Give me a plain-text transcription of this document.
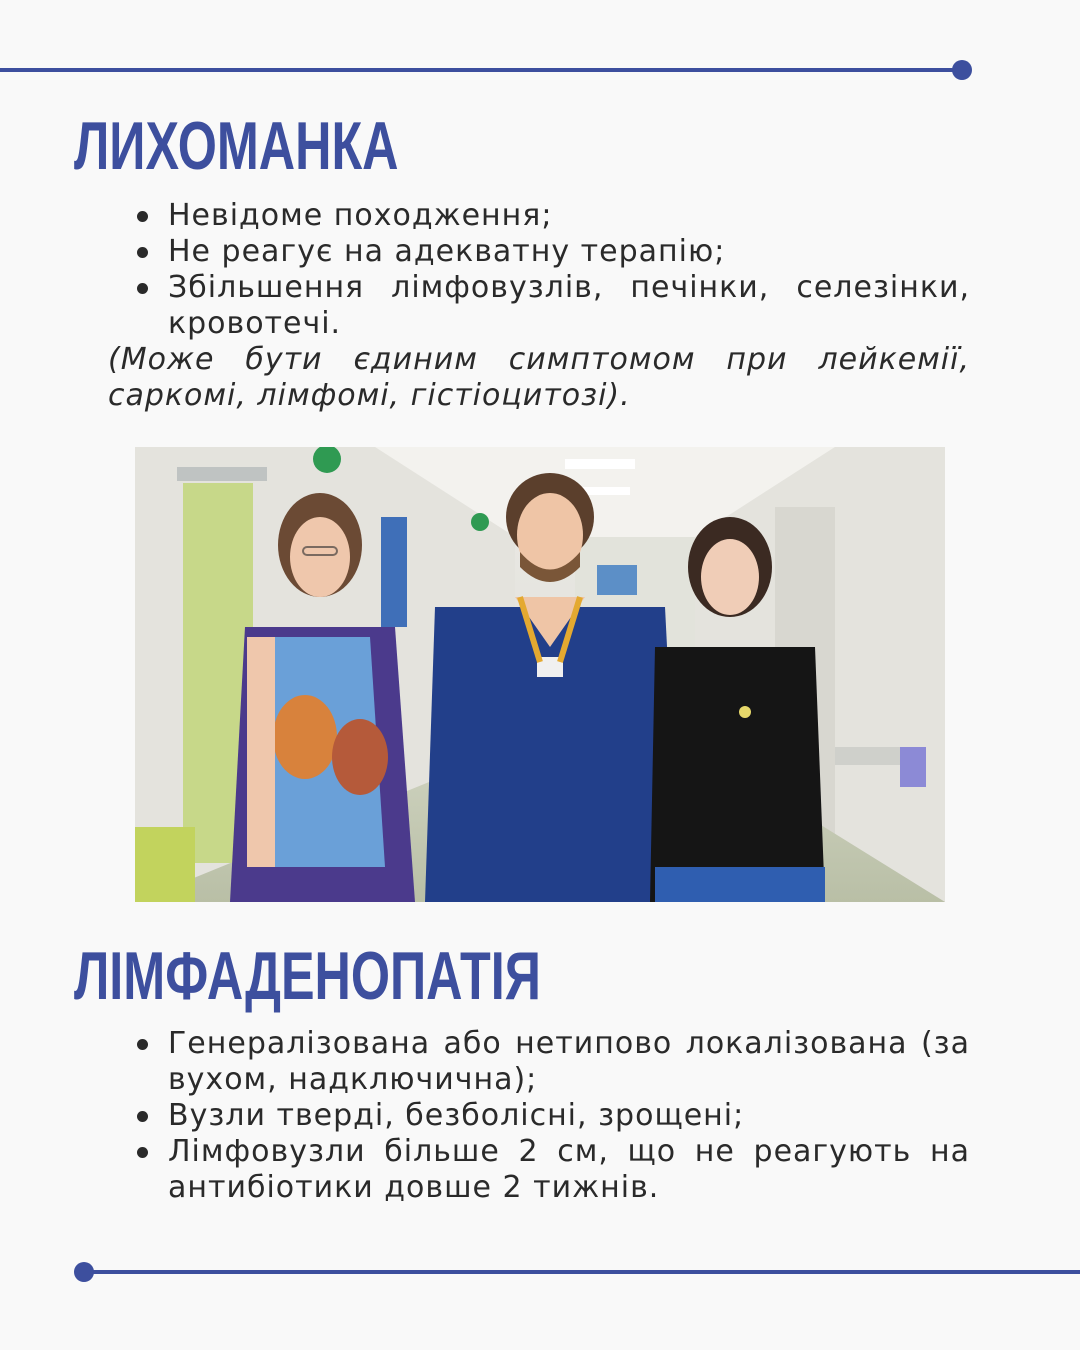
ЛИХОМАНКА
Невідоме походження;
Не реагує на адекватну терапію;
Збільшення лімфовузлів, печінки, селезінки, кровотечі.

(Може бути єдиним симптомом при лейкемії, саркомі, лімфомі, гістіоцитозі).

ЛІМФАДЕНОПАТІЯ
Генералізована або нетипово локалізована (за вухом, надключична);
Вузли тверді, безболісні, зрощені;
Лімфовузли більше 2 см, що не реагують на антибіотики довше 2 тижнів.
